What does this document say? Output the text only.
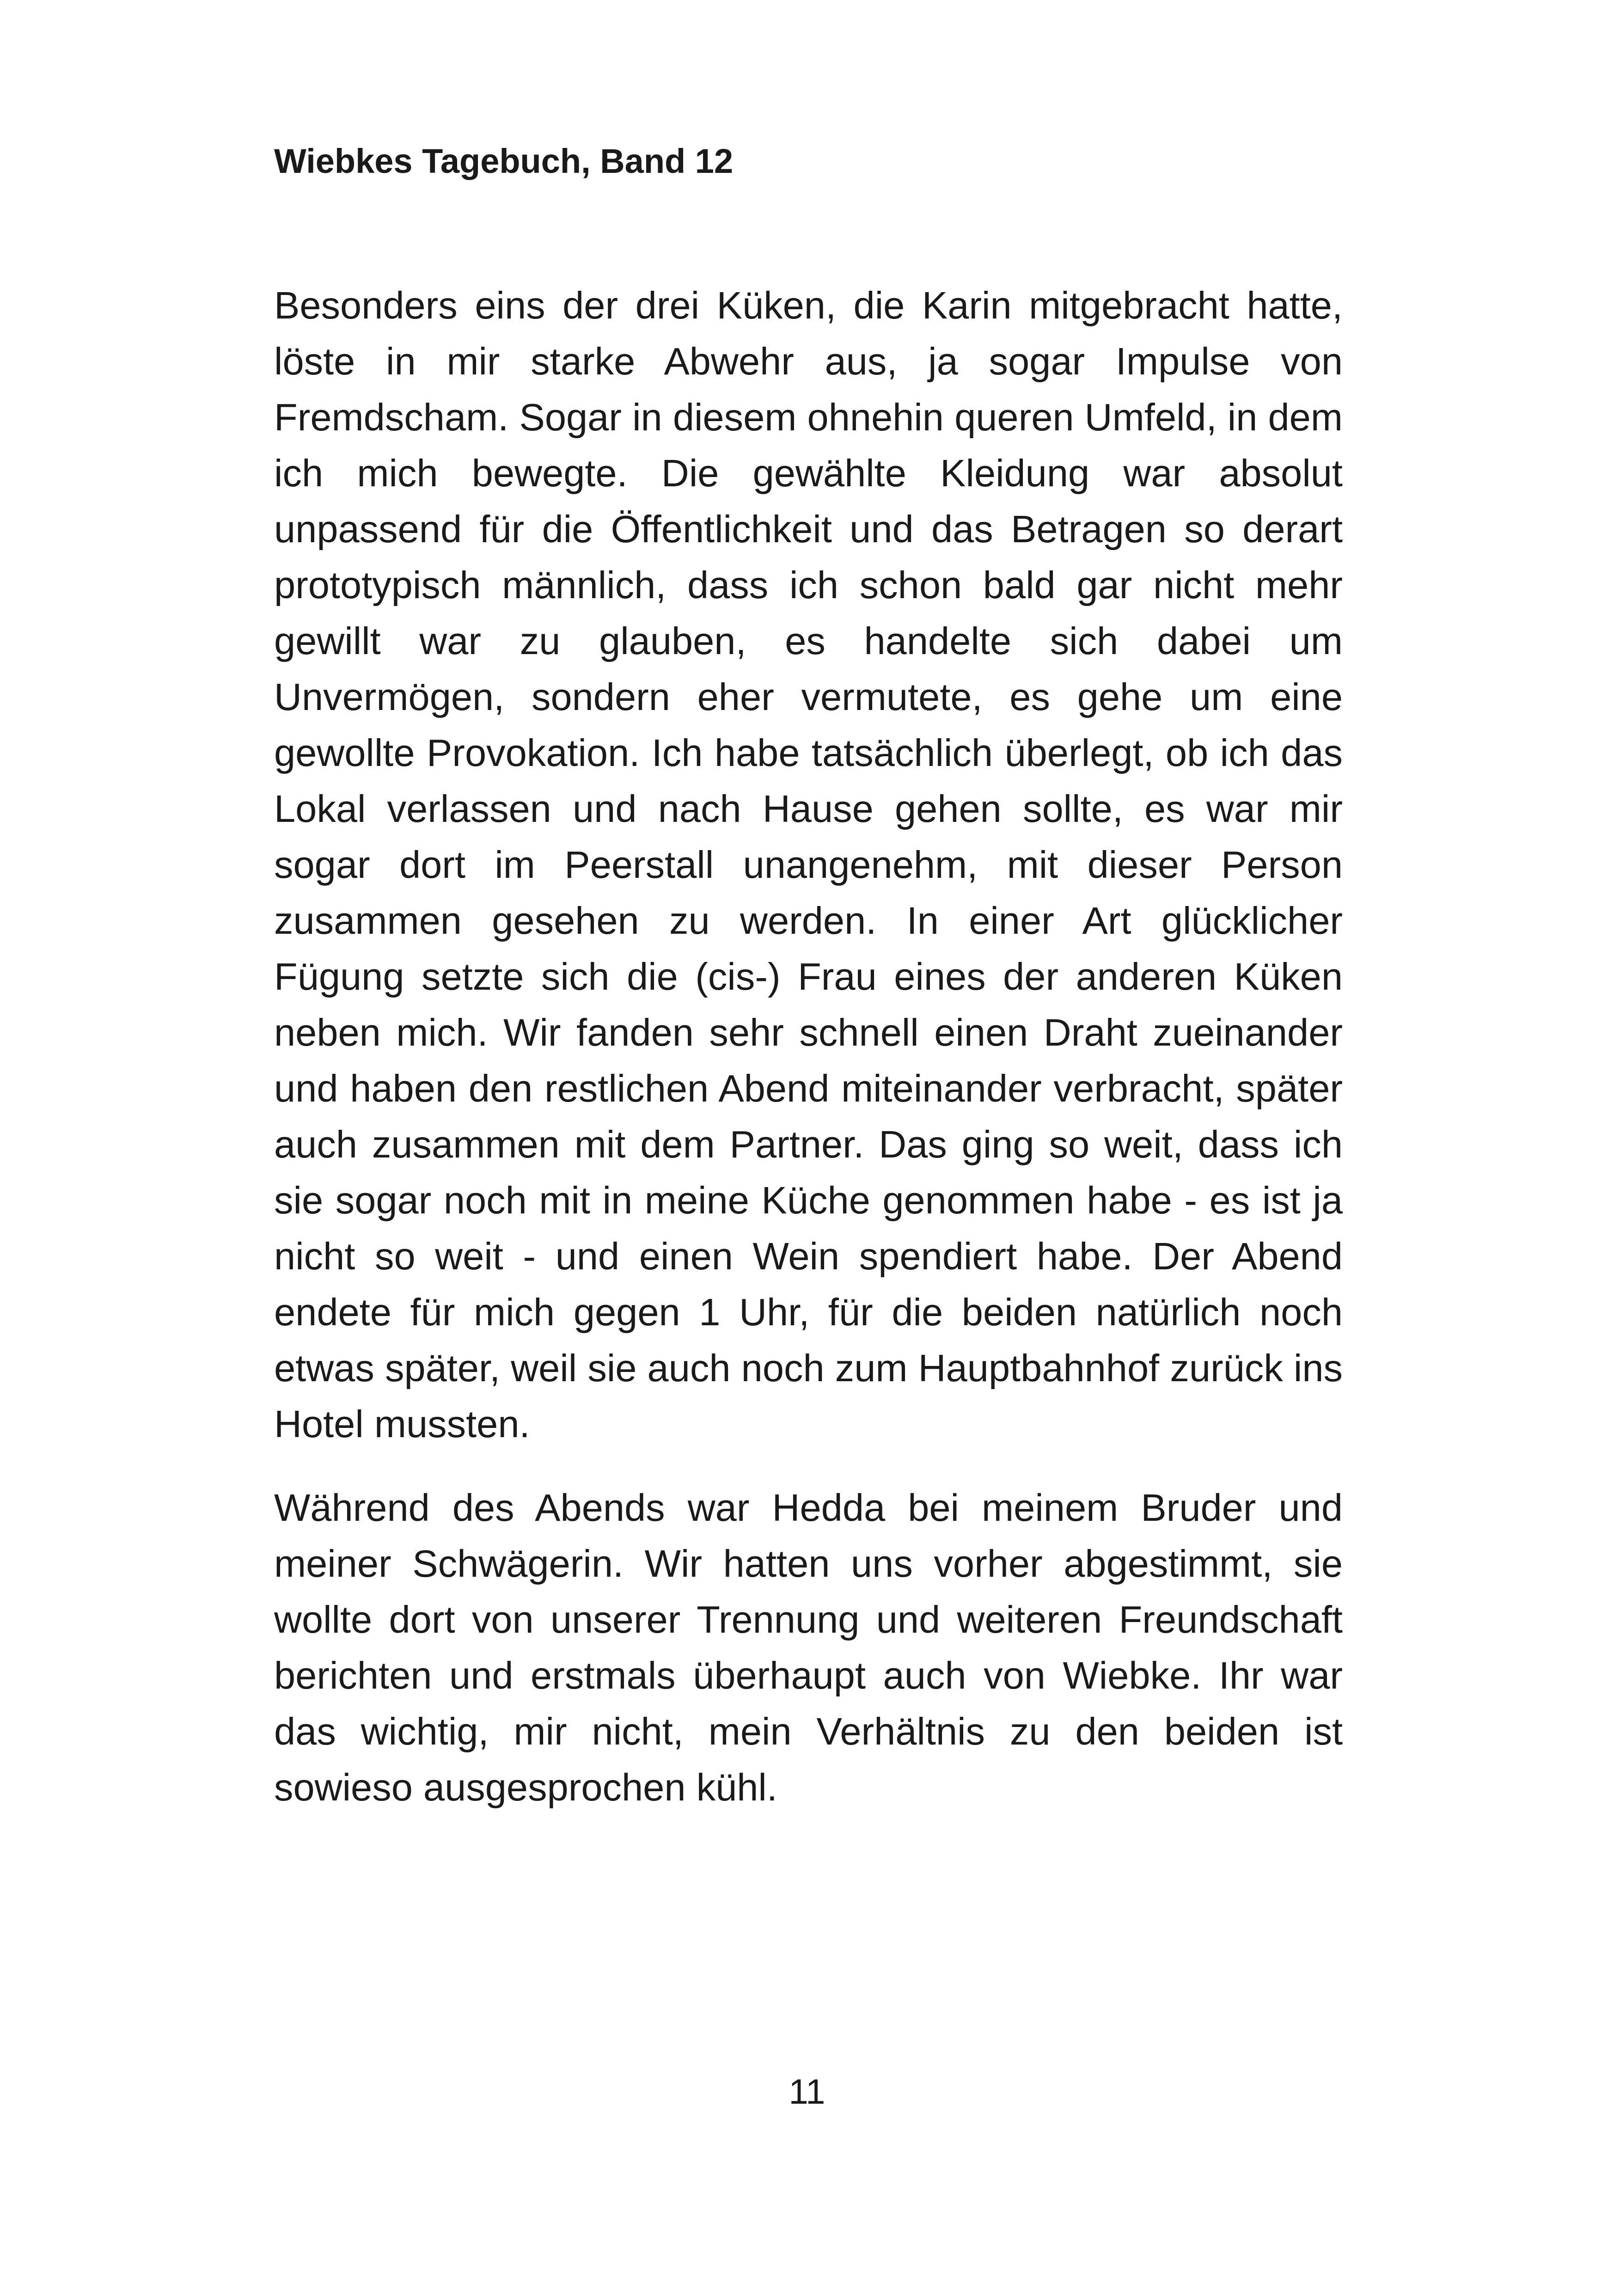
Wiebkes Tagebuch, Band 12

Besonders eins der drei Küken, die Karin mitgebracht hatte, löste in mir starke Abwehr aus, ja sogar Impulse von Fremdscham. Sogar in diesem ohnehin queren Umfeld, in dem ich mich bewegte. Die gewählte Kleidung war absolut unpassend für die Öffentlichkeit und das Betragen so derart prototypisch männlich, dass ich schon bald gar nicht mehr gewillt war zu glauben, es handelte sich dabei um Unvermögen, sondern eher vermutete, es gehe um eine gewollte Provokation. Ich habe tatsächlich überlegt, ob ich das Lokal verlassen und nach Hause gehen sollte, es war mir sogar dort im Peerstall unangenehm, mit dieser Person zusammen gesehen zu werden. In einer Art glücklicher Fügung setzte sich die (cis-) Frau eines der anderen Küken neben mich. Wir fanden sehr schnell einen Draht zueinander und haben den restlichen Abend miteinander verbracht, später auch zusammen mit dem Partner. Das ging so weit, dass ich sie sogar noch mit in meine Küche genommen habe - es ist ja nicht so weit - und einen Wein spendiert habe. Der Abend endete für mich gegen 1 Uhr, für die beiden natürlich noch etwas später, weil sie auch noch zum Hauptbahnhof zurück ins Hotel mussten.

Während des Abends war Hedda bei meinem Bruder und meiner Schwägerin. Wir hatten uns vorher abgestimmt, sie wollte dort von unserer Trennung und weiteren Freundschaft berichten und erstmals überhaupt auch von Wiebke. Ihr war das wichtig, mir nicht, mein Verhältnis zu den beiden ist sowieso ausgesprochen kühl.

11
